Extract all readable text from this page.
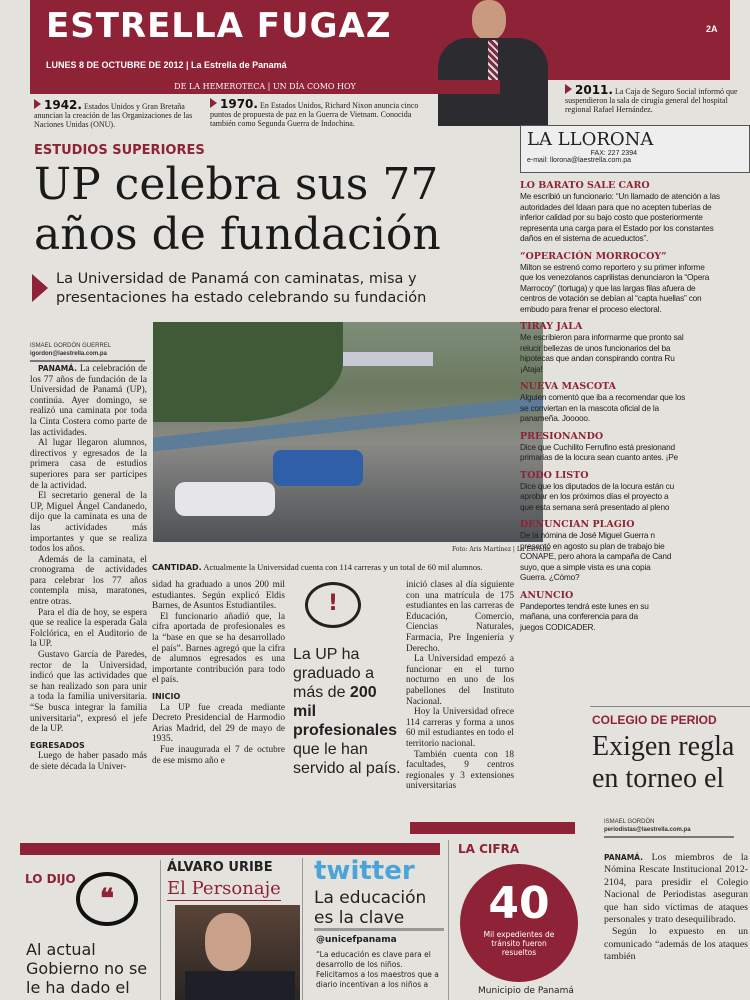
ESTRELLA FUGAZ
LUNES 8 DE OCTUBRE DE 2012 | La Estrella de Panamá
2A
DE LA HEMEROTECA | UN DÍA COMO HOY
1942. Estados Unidos y Gran Bretaña anuncian la creación de las Organizaciones de las Naciones Unidas (ONU).
1970. En Estados Unidos, Richard Nixon anuncia cinco puntos de propuesta de paz en la Guerra de Vietnam. Conocida también como Segunda Guerra de Indochina.
2011. La Caja de Seguro Social informó que suspendieron la sala de cirugía general del hospital regional Rafael Hernández.
ESTUDIOS SUPERIORES
UP celebra sus 77 años de fundación
La Universidad de Panamá con caminatas, misa y presentaciones ha estado celebrando su fundación
ISMAEL GORDÓN GUERREL
igordon@laestrella.com.pa
Foto: Aris Martínez | La Estrella
CANTIDAD. Actualmente la Universidad cuenta con 114 carreras y un total de 60 mil alumnos.

PANAMÁ. La celebración de los 77 años de fundación de la Universidad de Panamá (UP), continúa. Ayer domingo, se realizó una caminata por toda la Cinta Costera como parte de las actividades.

Al lugar llegaron alumnos, directivos y egresados de la primera casa de estudios superiores para ser partícipes de la actividad.

El secretario general de la UP, Miguel Ángel Candanedo, dijo que la caminata es una de las actividades más importantes y que se realiza todos los años.

Además de la caminata, el cronograma de actividades para celebrar los 77 años contempla misa, maratones, entre otras.

Para el día de hoy, se espera que se realice la esperada Gala Folclórica, en el Auditorio de la UP.

Gustavo García de Paredes, rector de la Universidad, indicó que las actividades que se han realizado son para unir a toda la familia universitaria. “Se busca integrar la familia universitaria”, expresó el jefe de la UP.

EGRESADOS

Luego de haber pasado más de siete década la Univer-

sidad ha graduado a unos 200 mil estudiantes. Según explicó Eldis Barnes, de Asuntos Estudiantiles.

El funcionario añadió que, la cifra aportada de profesionales es la “base en que se ha desarrollado el país”. Barnes agregó que la cifra de alumnos egresados es una importante contribución para todo el país.

INICIO

La UP fue creada mediante Decreto Presidencial de Harmodio Arias Madrid, del 29 de mayo de 1935.

Fue inaugurada el 7 de octubre de ese mismo año e

!
La UP ha graduado a más de 200 mil profesionales que le han servido al país.

inició clases al día siguiente con una matrícula de 175 estudiantes en las carreras de Educación, Comercio, Ciencias Naturales, Farmacia, Pre Ingeniería y Derecho.

La Universidad empezó a funcionar en el turno nocturno en uno de los pabellones del Instituto Nacional.

Hoy la Universidad ofrece 114 carreras y forma a unos 60 mil estudiantes en todo el territorio nacional.

También cuenta con 18 facultades, 9 centros regionales y 3 extensiones universitarias

LA LLORONA
FAX: 227 2394
e-mail: llorona@laestrella.com.pa
LO BARATO SALE CARO

Me escribió un funcionario: “Un llamado de atención a las

autoridades del Idaan para que no acepten tuberías de

inferior calidad por su bajo costo que posteriormente

representa una carga para el Estado por los constantes

daños en el sistema de acueductos”.

“OPERACIÓN MORROCOY”

Milton se estrenó como reportero y su primer informe

que los venezolanos caprilistas denunciaron la “Opera

Marrocoy” (tortuga) y que las largas filas afuera de

centros de votación se debían al “capta huellas” con

embudo para frenar el proceso electoral.

TIRAY JALA

Me escribieron para informarme que pronto sal

relucir bellezas de unos funcionarios del ba

hipotecas que andan conspirando contra Ru

¡Ataja!

NUEVA MASCOTA

Alguien comentó que iba a recomendar que los

se conviertan en la mascota oficial de la

panameña. Jooooo.

PRESIONANDO

Dice que Cuchilito Ferrufino está presionand

primarias de la locura sean cuanto antes. ¡Pe

TODO LISTO

Dice que los diputados de la locura están cu

aprobar en los próximos días el proyecto a

que esta semana será presentado al pleno

DENUNCIAN PLAGIO

De la nómina de José Miguel Guerra n

presentó en agosto su plan de trabajo bie

CONAPE, pero ahora la campaña de Cand

suyo, que a simple vista es una copia

Guerra. ¿Cómo?

ANUNCIO

Pandeportes tendrá este lunes en su

mañana, una conferencia para da

juegos CODICADER.

COLEGIO DE PERIOD
Exigen regla
en torneo el
ISMAEL GORDÓN
periodistas@laestrella.com.pa

PANAMÁ. Los miembros de la Nómina Rescate Institucional 2012-2104, para presidir el Colegio Nacional de Periodistas aseguran que han sido víctimas de ataques personales y trato desequilibrado.

Según lo expuesto en un comunicado “además de los ataques también

LO DIJO
❝
Al actual Gobierno no se le ha dado el
ÁLVARO URIBE
El Personaje
twitter
La educación es la clave
@unicefpanama
“La educación es clave para el desarrollo de los niños. Felicitamos a los maestros que a diario incentivan a los niños a
LA CIFRA
40
Mil expedientes de tránsito fueron resueltos
Municipio de Panamá
